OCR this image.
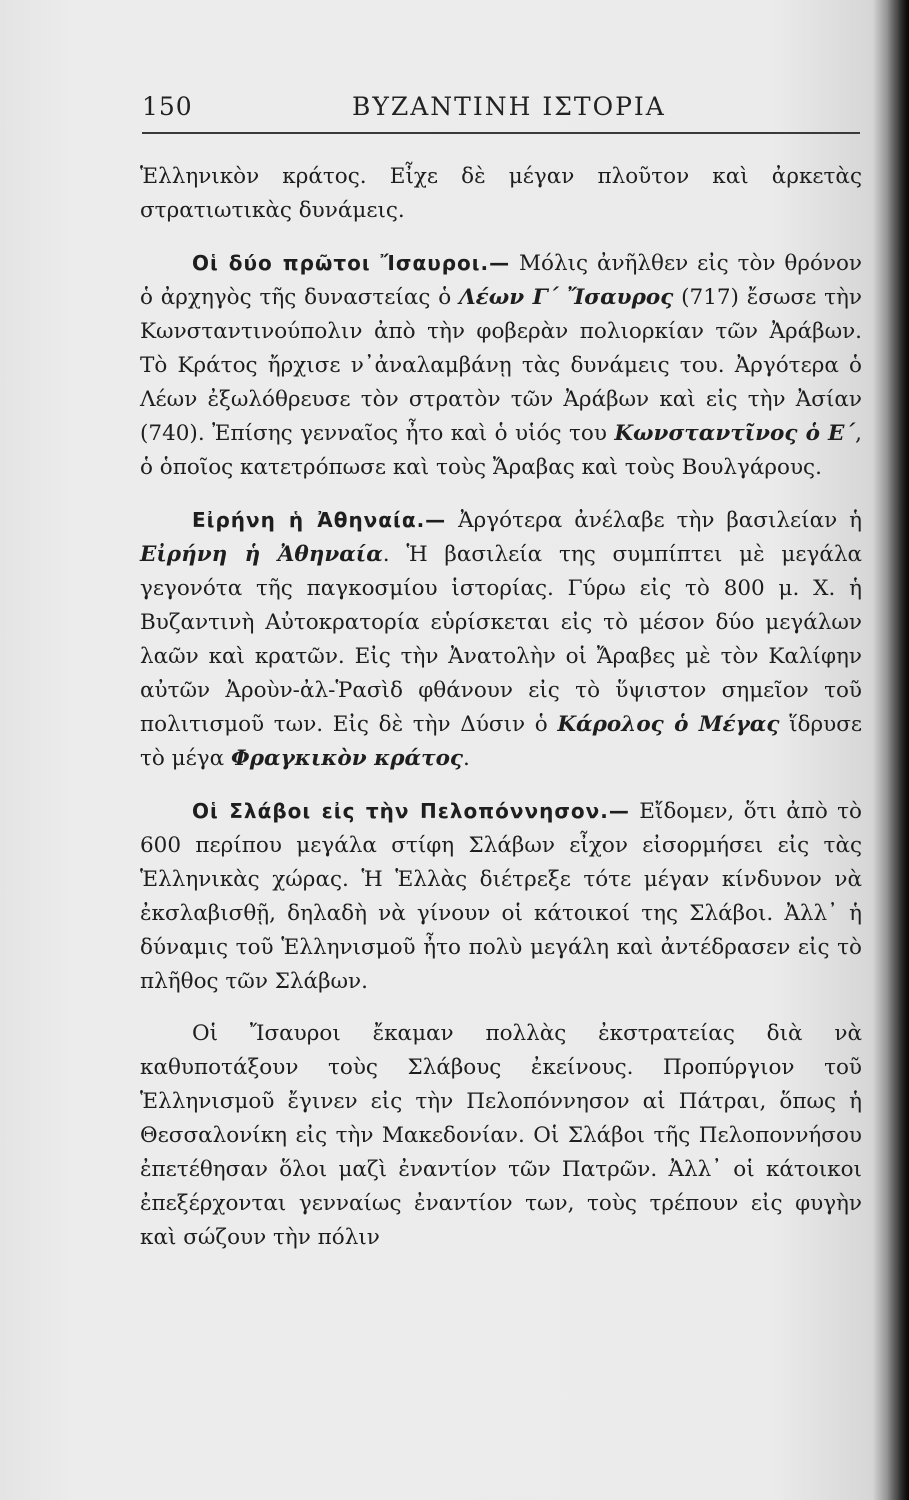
150	ΒΥΖΑΝΤΙΝΗ ΙΣΤΟΡΙΑ

Ἑλληνικὸν κράτος. Εἶχε δὲ μέγαν πλοῦτον καὶ ἀρκετὰς στρατιωτικὰς δυνάμεις.

Οἱ δύο πρῶτοι Ἴσαυροι.— Μόλις ἀνῆλθεν εἰς τὸν θρόνον ὁ ἀρχηγὸς τῆς δυναστείας ὁ Λέων Γ΄ Ἴσαυρος (717) ἔσωσε τὴν Κωνσταντινούπολιν ἀπὸ τὴν φοβερὰν πολιορκίαν τῶν Ἀράβων. Τὸ Κράτος ἤρχισε ν᾿ἀναλαμβάνῃ τὰς δυνάμεις του. Ἀργότερα ὁ Λέων ἐξωλόθρευσε τὸν στρατὸν τῶν Ἀράβων καὶ εἰς τὴν Ἀσίαν (740). Ἐπίσης γενναῖος ἦτο καὶ ὁ υἱός του Κωνσταντῖνος ὁ Ε΄, ὁ ὁποῖος κατετρόπωσε καὶ τοὺς Ἄραβας καὶ τοὺς Βουλγάρους.

Εἰρήνη ἡ Ἀθηναία.— Ἀργότερα ἀνέλαβε τὴν βασιλείαν ἡ Εἰρήνη ἡ Ἀθηναία. Ἡ βασιλεία της συμπίπτει μὲ μεγάλα γεγονότα τῆς παγκοσμίου ἱστορίας. Γύρω εἰς τὸ 800 μ. Χ. ἡ Βυζαντινὴ Αὐτοκρατορία εὑρίσκεται εἰς τὸ μέσον δύο μεγάλων λαῶν καὶ κρατῶν. Εἰς τὴν Ἀνατολὴν οἱ Ἄραβες μὲ τὸν Καλίφην αὐτῶν Ἀροὺν-ἀλ-Ῥασὶδ φθάνουν εἰς τὸ ὕψιστον σημεῖον τοῦ πολιτισμοῦ των. Εἰς δὲ τὴν Δύσιν ὁ Κάρολος ὁ Μέγας ἵδρυσε τὸ μέγα Φραγκικὸν κράτος.

Οἱ Σλάβοι εἰς τὴν Πελοπόννησον.— Εἴδομεν, ὅτι ἀπὸ τὸ 600 περίπου μεγάλα στίφη Σλάβων εἶχον εἰσορμήσει εἰς τὰς Ἑλληνικὰς χώρας. Ἡ Ἑλλὰς διέτρεξε τότε μέγαν κίνδυνον νὰ ἐκσλαβισθῇ, δηλαδὴ νὰ γίνουν οἱ κάτοικοί της Σλάβοι. Ἀλλ᾿ ἡ δύναμις τοῦ Ἑλληνισμοῦ ἦτο πολὺ μεγάλη καὶ ἀντέδρασεν εἰς τὸ πλῆθος τῶν Σλάβων.

Οἱ Ἴσαυροι ἔκαμαν πολλὰς ἐκστρατείας διὰ νὰ καθυποτάξουν τοὺς Σλάβους ἐκείνους. Προπύργιον τοῦ Ἑλληνισμοῦ ἔγινεν εἰς τὴν Πελοπόννησον αἱ Πάτραι, ὅπως ἡ Θεσσαλονίκη εἰς τὴν Μακεδονίαν. Οἱ Σλάβοι τῆς Πελοποννήσου ἐπετέθησαν ὅλοι μαζὶ ἐναντίον τῶν Πατρῶν. Ἀλλ᾿ οἱ κάτοικοι ἐπεξέρχονται γενναίως ἐναντίον των, τοὺς τρέπουν εἰς φυγὴν καὶ σώζουν τὴν πόλιν
